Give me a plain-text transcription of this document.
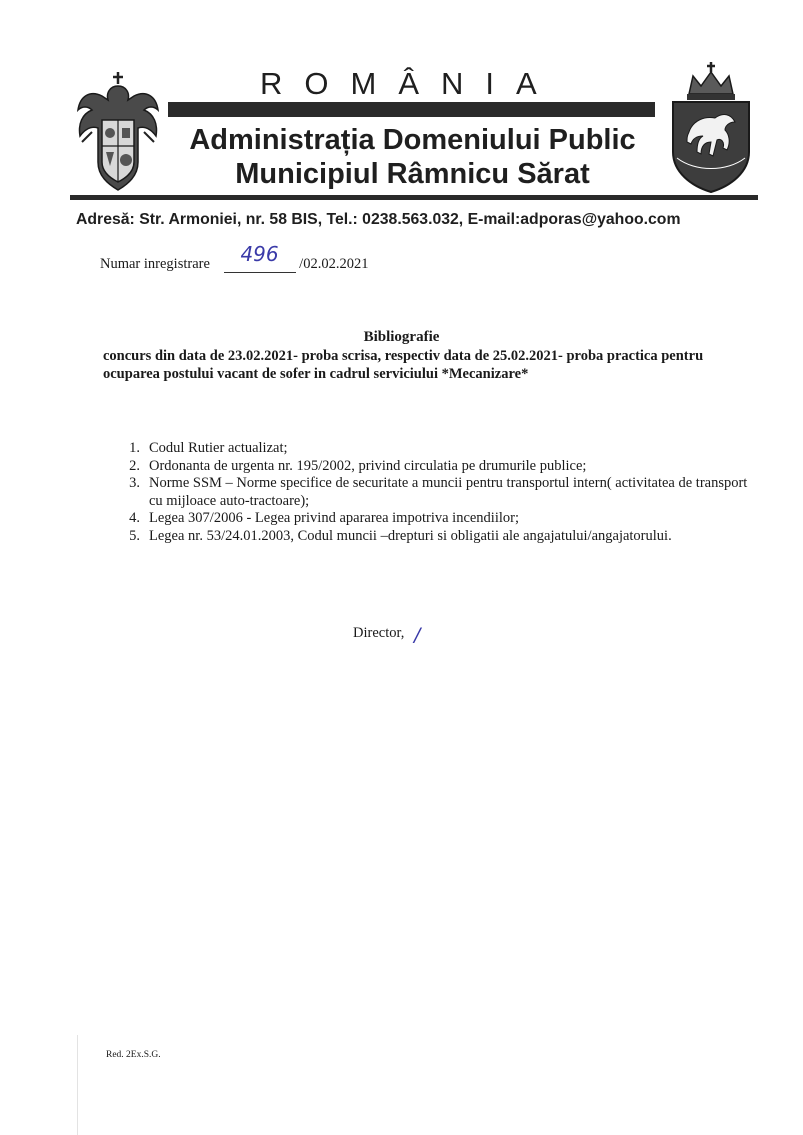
ROMÂNIA
Administrația Domeniului Public
Municipiul Râmnicu Sărat
Adresă: Str. Armoniei, nr. 58 BIS, Tel.: 0238.563.032, E-mail:adporas@yahoo.com
Numar inregistrare	496	/02.02.2021
Bibliografie
concurs din data de 23.02.2021- proba scrisa, respectiv data de 25.02.2021- proba practica pentru ocuparea postului vacant de sofer in cadrul serviciului *Mecanizare*
1. Codul Rutier actualizat;
2. Ordonanta de urgenta nr. 195/2002, privind circulatia pe drumurile publice;
3. Norme SSM – Norme specifice de securitate a muncii pentru transportul intern( activitatea de transport cu mijloace auto-tractoare);
4. Legea 307/2006 - Legea privind apararea impotriva incendiilor;
5. Legea nr. 53/24.01.2003, Codul muncii –drepturi si obligatii ale angajatului/angajatorului.
Director, /
Red. 2Ex.S.G.
